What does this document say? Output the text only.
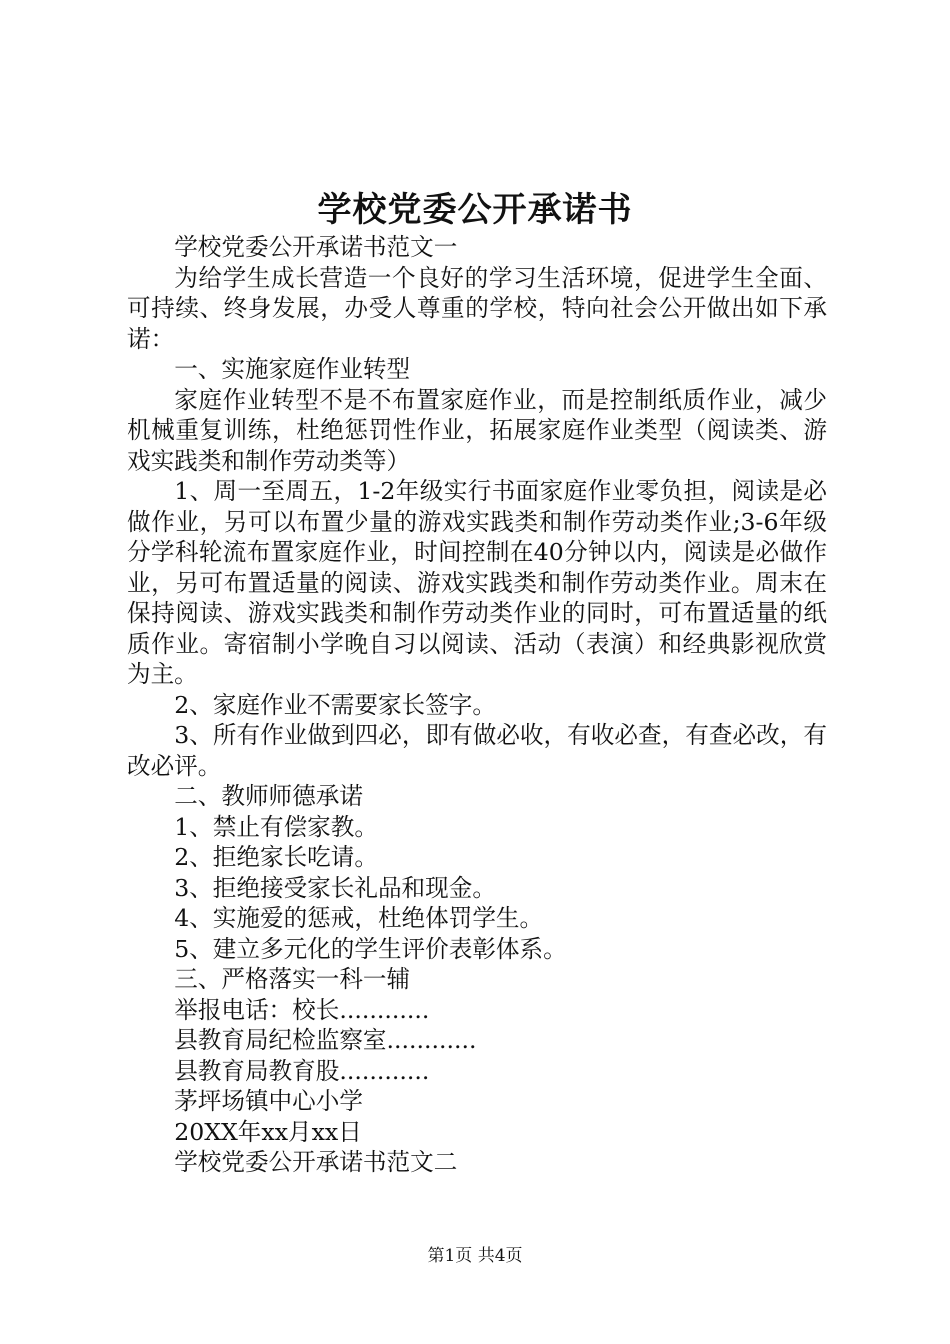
学校党委公开承诺书

学校党委公开承诺书范文一

为给学生成长营造一个良好的学习生活环境，促进学生全面、可持续、终身发展，办受人尊重的学校，特向社会公开做出如下承诺：

一、实施家庭作业转型

家庭作业转型不是不布置家庭作业，而是控制纸质作业，减少机械重复训练，杜绝惩罚性作业，拓展家庭作业类型（阅读类、游戏实践类和制作劳动类等）

1、周一至周五，1-2年级实行书面家庭作业零负担，阅读是必做作业，另可以布置少量的游戏实践类和制作劳动类作业;3-6年级分学科轮流布置家庭作业，时间控制在40分钟以内，阅读是必做作业，另可布置适量的阅读、游戏实践类和制作劳动类作业。周末在保持阅读、游戏实践类和制作劳动类作业的同时，可布置适量的纸质作业。寄宿制小学晚自习以阅读、活动（表演）和经典影视欣赏为主。

2、家庭作业不需要家长签字。

3、所有作业做到四必，即有做必收，有收必查，有查必改，有改必评。

二、教师师德承诺

1、禁止有偿家教。

2、拒绝家长吃请。

3、拒绝接受家长礼品和现金。

4、实施爱的惩戒，杜绝体罚学生。

5、建立多元化的学生评价表彰体系。

三、严格落实一科一辅

举报电话：校长............

县教育局纪检监察室............

县教育局教育股............

茅坪场镇中心小学

20XX年xx月xx日

学校党委公开承诺书范文二

第1页 共4页
